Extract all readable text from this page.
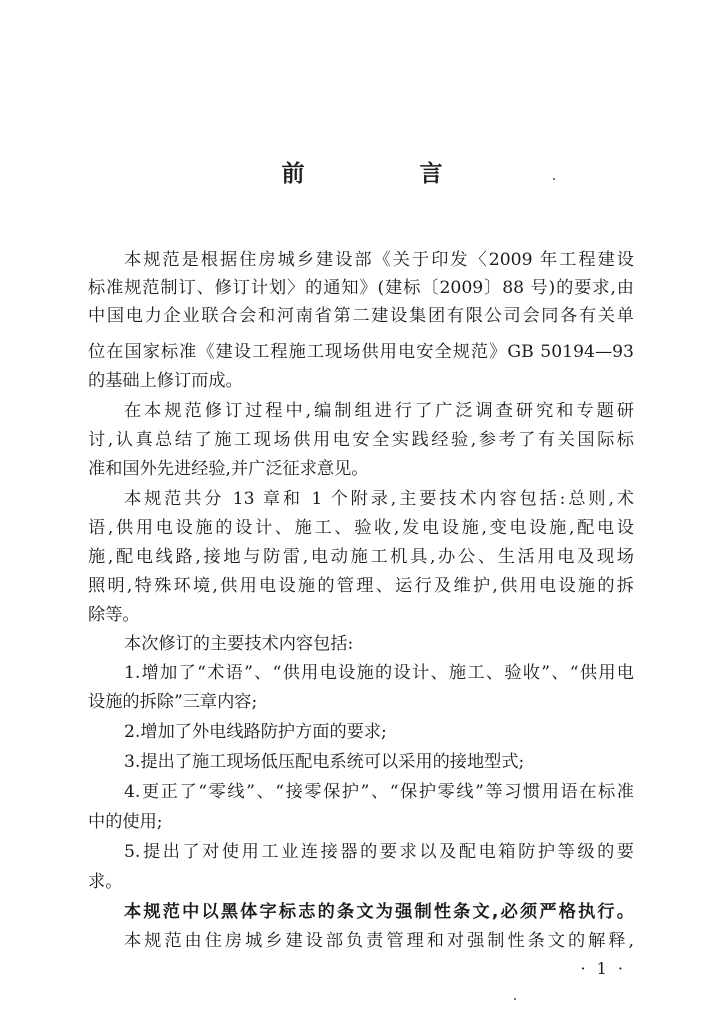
前　言
本规范是根据住房城乡建设部《关于印发〈2009 年工程建设
标准规范制订、修订计划〉的通知》(建标〔2009〕88 号)的要求,由
中国电力企业联合会和河南省第二建设集团有限公司会同各有关单
位在国家标准《建设工程施工现场供用电安全规范》GB 50194—93
的基础上修订而成。
在本规范修订过程中,编制组进行了广泛调查研究和专题研
讨,认真总结了施工现场供用电安全实践经验,参考了有关国际标
准和国外先进经验,并广泛征求意见。
本规范共分 13 章和 1 个附录,主要技术内容包括:总则,术
语,供用电设施的设计、施工、验收,发电设施,变电设施,配电设
施,配电线路,接地与防雷,电动施工机具,办公、生活用电及现场
照明,特殊环境,供用电设施的管理、运行及维护,供用电设施的拆
除等。
本次修订的主要技术内容包括:
1.增加了“术语”、“供用电设施的设计、施工、验收”、“供用电
设施的拆除”三章内容;
2.增加了外电线路防护方面的要求;
3.提出了施工现场低压配电系统可以采用的接地型式;
4.更正了“零线”、“接零保护”、“保护零线”等习惯用语在标准
中的使用;
5.提出了对使用工业连接器的要求以及配电箱防护等级的要
求。
本规范中以黑体字标志的条文为强制性条文,必须严格执行。
本规范由住房城乡建设部负责管理和对强制性条文的解释,
· 1 ·
